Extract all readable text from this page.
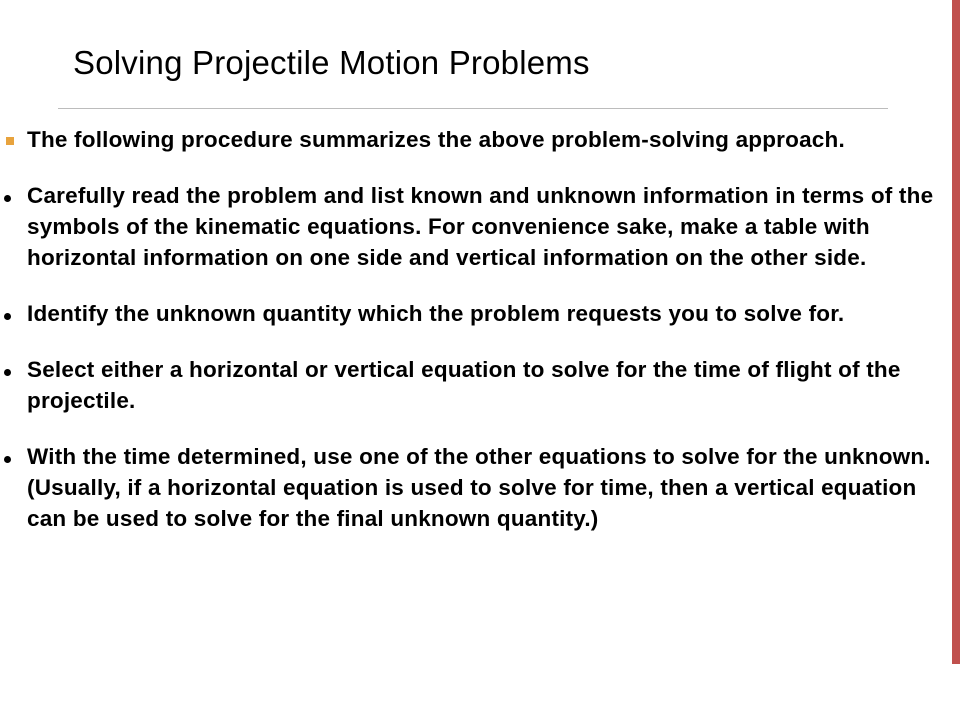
Solving Projectile Motion Problems
The following procedure summarizes the above problem-solving approach.
Carefully read the problem and list known and unknown information in terms of the symbols of the kinematic equations. For convenience sake, make a table with horizontal information on one side and vertical information on the other side.
Identify the unknown quantity which the problem requests you to solve for.
Select either a horizontal or vertical equation to solve for the time of flight of the projectile.
With the time determined, use one of the other equations to solve for the unknown. (Usually, if a horizontal equation is used to solve for time, then a vertical equation can be used to solve for the final unknown quantity.)
